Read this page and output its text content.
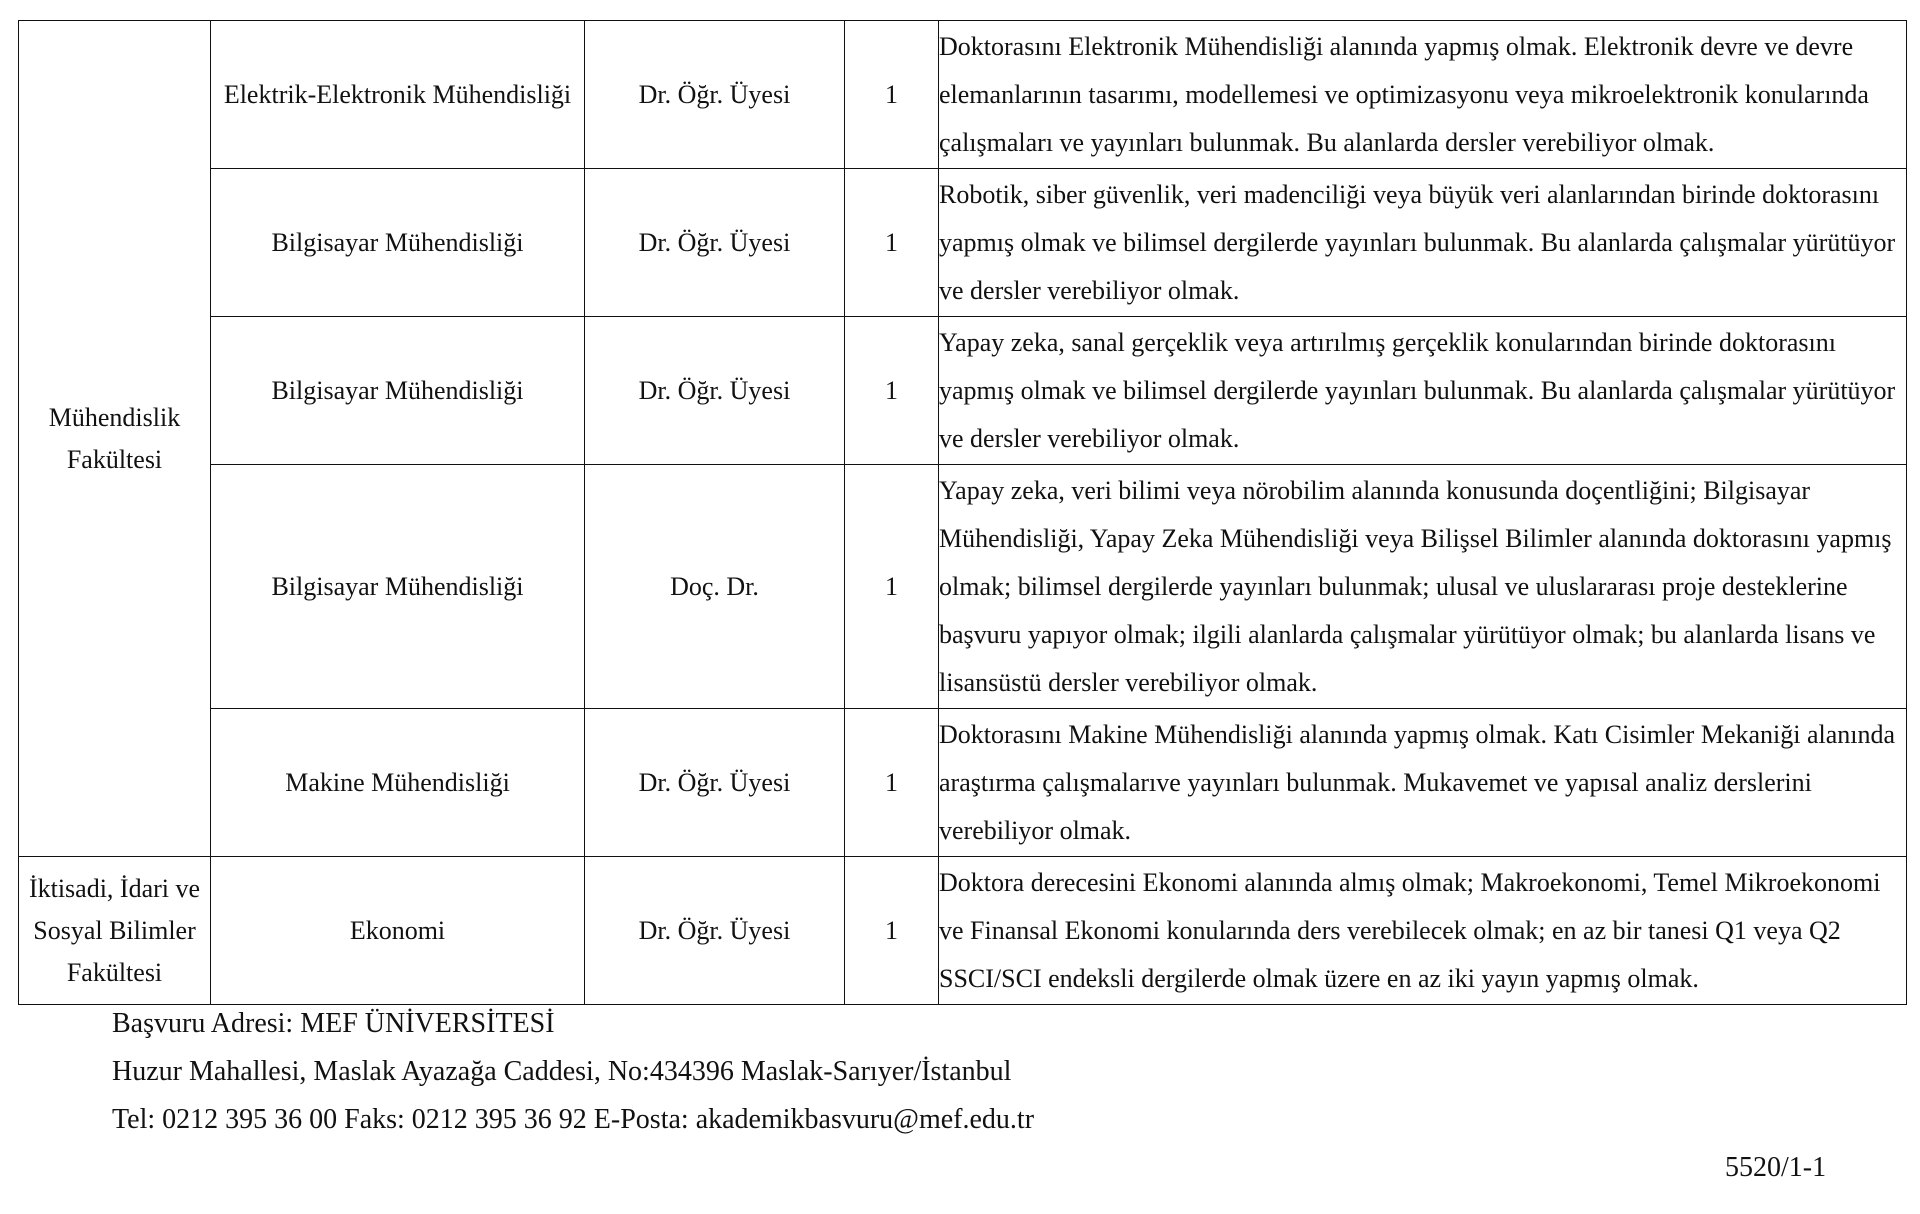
Mühendislik Fakültesi	Elektrik-Elektronik Mühendisliği	Dr. Öğr. Üyesi	1	Doktorasını Elektronik Mühendisliği alanında yapmış olmak. Elektronik devre ve devre elemanlarının tasarımı, modellemesi ve optimizasyonu veya mikroelektronik konularında çalışmaları ve yayınları bulunmak. Bu alanlarda dersler verebiliyor olmak.
	Bilgisayar Mühendisliği	Dr. Öğr. Üyesi	1	Robotik, siber güvenlik, veri madenciliği veya büyük veri alanlarından birinde doktorasını yapmış olmak ve bilimsel dergilerde yayınları bulunmak. Bu alanlarda çalışmalar yürütüyor ve dersler verebiliyor olmak.
	Bilgisayar Mühendisliği	Dr. Öğr. Üyesi	1	Yapay zeka, sanal gerçeklik veya artırılmış gerçeklik konularından birinde doktorasını yapmış olmak ve bilimsel dergilerde yayınları bulunmak. Bu alanlarda çalışmalar yürütüyor ve dersler verebiliyor olmak.
	Bilgisayar Mühendisliği	Doç. Dr.	1	Yapay zeka, veri bilimi veya nörobilim alanında konusunda doçentliğini; Bilgisayar Mühendisliği, Yapay Zeka Mühendisliği veya Bilişsel Bilimler alanında doktorasını yapmış olmak; bilimsel dergilerde yayınları bulunmak; ulusal ve uluslararası proje desteklerine başvuru yapıyor olmak; ilgili alanlarda çalışmalar yürütüyor olmak; bu alanlarda lisans ve lisansüstü dersler verebiliyor olmak.
	Makine Mühendisliği	Dr. Öğr. Üyesi	1	Doktorasını Makine Mühendisliği alanında yapmış olmak. Katı Cisimler Mekaniği alanında araştırma çalışmalarıve yayınları bulunmak. Mukavemet ve yapısal analiz derslerini verebiliyor olmak.
İktisadi, İdari ve Sosyal Bilimler Fakültesi	Ekonomi	Dr. Öğr. Üyesi	1	Doktora derecesini Ekonomi alanında almış olmak; Makroekonomi, Temel Mikroekonomi ve Finansal Ekonomi konularında ders verebilecek olmak; en az bir tanesi Q1 veya Q2 SSCI/SCI endeksli dergilerde olmak üzere en az iki yayın yapmış olmak.
Başvuru Adresi: MEF ÜNİVERSİTESİ
Huzur Mahallesi, Maslak Ayazağa Caddesi, No:434396 Maslak-Sarıyer/İstanbul
Tel: 0212 395 36 00 Faks: 0212 395 36 92 E-Posta: akademikbasvuru@mef.edu.tr
5520/1-1
